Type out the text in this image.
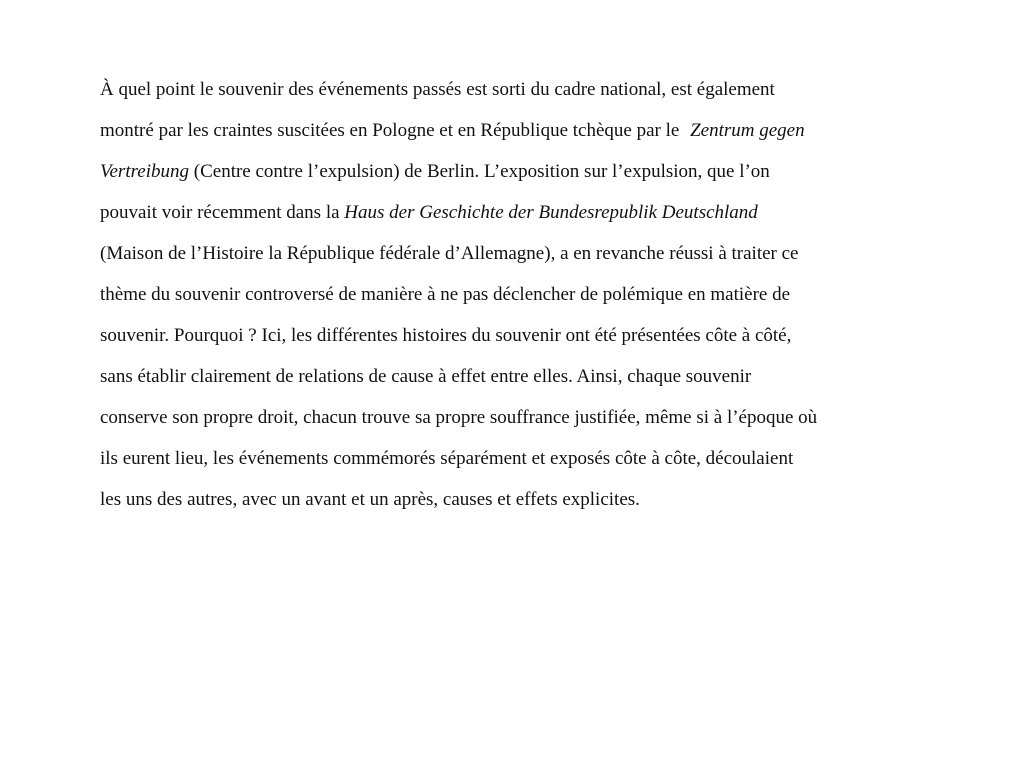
À quel point le souvenir des événements passés est sorti du cadre national, est également
montré par les craintes suscitées en Pologne et en République tchèque par le Zentrum gegen
Vertreibung (Centre contre l’expulsion) de Berlin. L’exposition sur l’expulsion, que l’on
pouvait voir récemment dans la Haus der Geschichte der Bundesrepublik Deutschland
(Maison de l’Histoire la République fédérale d’Allemagne), a en revanche réussi à traiter ce
thème du souvenir controversé de manière à ne pas déclencher de polémique en matière de
souvenir. Pourquoi ? Ici, les différentes histoires du souvenir ont été présentées côte à côté,
sans établir clairement de relations de cause à effet entre elles. Ainsi, chaque souvenir
conserve son propre droit, chacun trouve sa propre souffrance justifiée, même si à l’époque où
ils eurent lieu, les événements commémorés séparément et exposés côte à côte, découlaient
les uns des autres, avec un avant et un après, causes et effets explicites.
